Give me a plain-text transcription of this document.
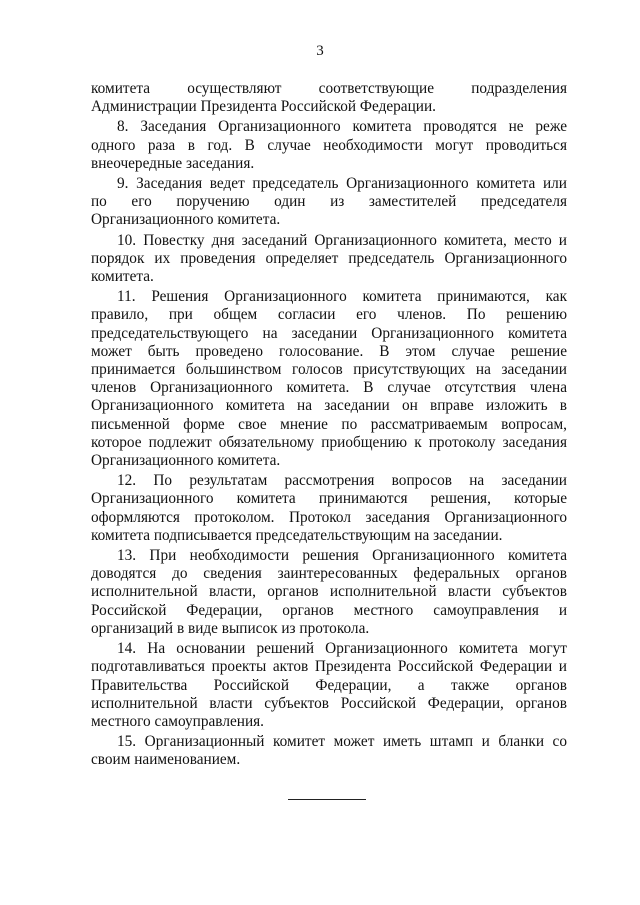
3
комитета осуществляют соответствующие подразделения
Администрации Президента Российской Федерации.
8. Заседания Организационного комитета проводятся не реже
одного раза в год. В случае необходимости могут проводиться
внеочередные заседания.
9. Заседания ведет председатель Организационного комитета или
по его поручению один из заместителей председателя
Организационного комитета.
10. Повестку дня заседаний Организационного комитета, место и
порядок их проведения определяет председатель Организационного
комитета.
11. Решения Организационного комитета принимаются, как
правило, при общем согласии его членов. По решению
председательствующего на заседании Организационного комитета
может быть проведено голосование. В этом случае решение
принимается большинством голосов присутствующих на заседании
членов Организационного комитета. В случае отсутствия члена
Организационного комитета на заседании он вправе изложить в
письменной форме свое мнение по рассматриваемым вопросам,
которое подлежит обязательному приобщению к протоколу заседания
Организационного комитета.
12. По результатам рассмотрения вопросов на заседании
Организационного комитета принимаются решения, которые
оформляются протоколом. Протокол заседания Организационного
комитета подписывается председательствующим на заседании.
13. При необходимости решения Организационного комитета
доводятся до сведения заинтересованных федеральных органов
исполнительной власти, органов исполнительной власти субъектов
Российской Федерации, органов местного самоуправления и
организаций в виде выписок из протокола.
14. На основании решений Организационного комитета могут
подготавливаться проекты актов Президента Российской Федерации и
Правительства Российской Федерации, а также органов
исполнительной власти субъектов Российской Федерации, органов
местного самоуправления.
15. Организационный комитет может иметь штамп и бланки со
своим наименованием.
